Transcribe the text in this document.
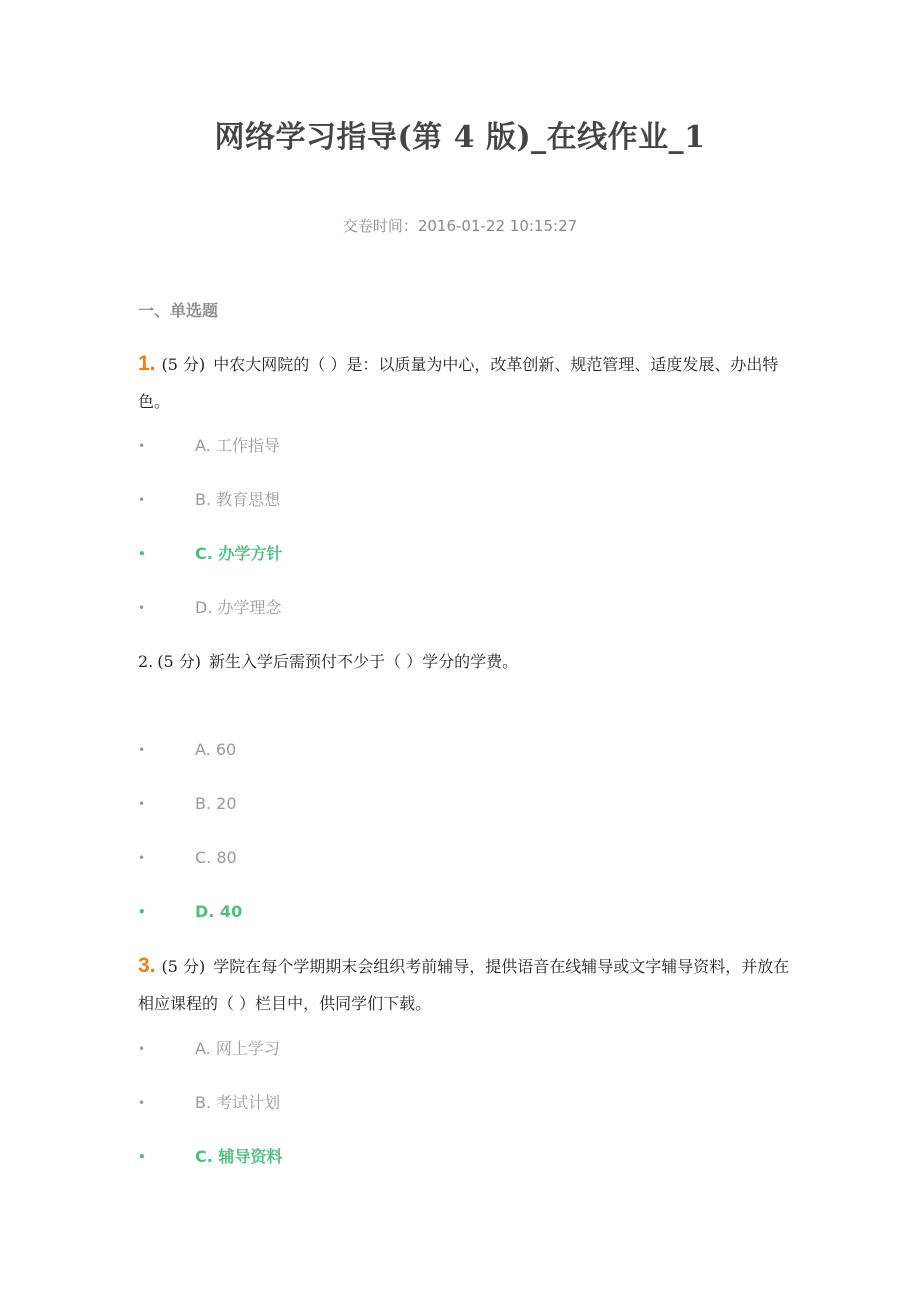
网络学习指导(第 4 版)_在线作业_1
交卷时间：2016-01-22 10:15:27
一、单选题
1. (5 分) 中农大网院的（ ）是：以质量为中心，改革创新、规范管理、适度发展、办出特色。
•	A. 工作指导
•	B. 教育思想
•	C. 办学方针
•	D. 办学理念
2. (5 分) 新生入学后需预付不少于（ ）学分的学费。
•	A. 60
•	B. 20
•	C. 80
•	D. 40
3. (5 分) 学院在每个学期期末会组织考前辅导，提供语音在线辅导或文字辅导资料，并放在相应课程的（ ）栏目中，供同学们下载。
•	A. 网上学习
•	B. 考试计划
•	C. 辅导资料
